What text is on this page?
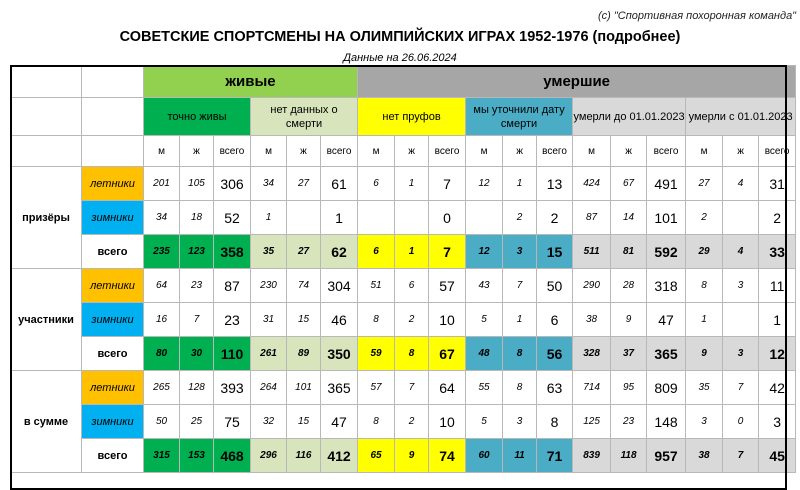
(c) "Спортивная похоронная команда"
СОВЕТСКИЕ СПОРТСМЕНЫ НА ОЛИМПИЙСКИХ ИГРАХ 1952-1976 (подробнее)
Данные на 26.06.2024
		живые						умершие											
		точно живы			нет данных о смерти			нет пруфов			мы уточнили дату смерти			умерли до 01.01.2023			умерли с 01.01.2023		
		м	ж	всего	м	ж	всего	м	ж	всего	м	ж	всего	м	ж	всего	м	ж	всего
призёры	летники	201	105	306	34	27	61	6	1	7	12	1	13	424	67	491	27	4	31
	зимники	34	18	52	1		1			0		2	2	87	14	101	2		2
	всего	235	123	358	35	27	62	6	1	7	12	3	15	511	81	592	29	4	33
участники	летники	64	23	87	230	74	304	51	6	57	43	7	50	290	28	318	8	3	11
	зимники	16	7	23	31	15	46	8	2	10	5	1	6	38	9	47	1		1
	всего	80	30	110	261	89	350	59	8	67	48	8	56	328	37	365	9	3	12
в сумме	летники	265	128	393	264	101	365	57	7	64	55	8	63	714	95	809	35	7	42
	зимники	50	25	75	32	15	47	8	2	10	5	3	8	125	23	148	3	0	3
	всего	315	153	468	296	116	412	65	9	74	60	11	71	839	118	957	38	7	45
